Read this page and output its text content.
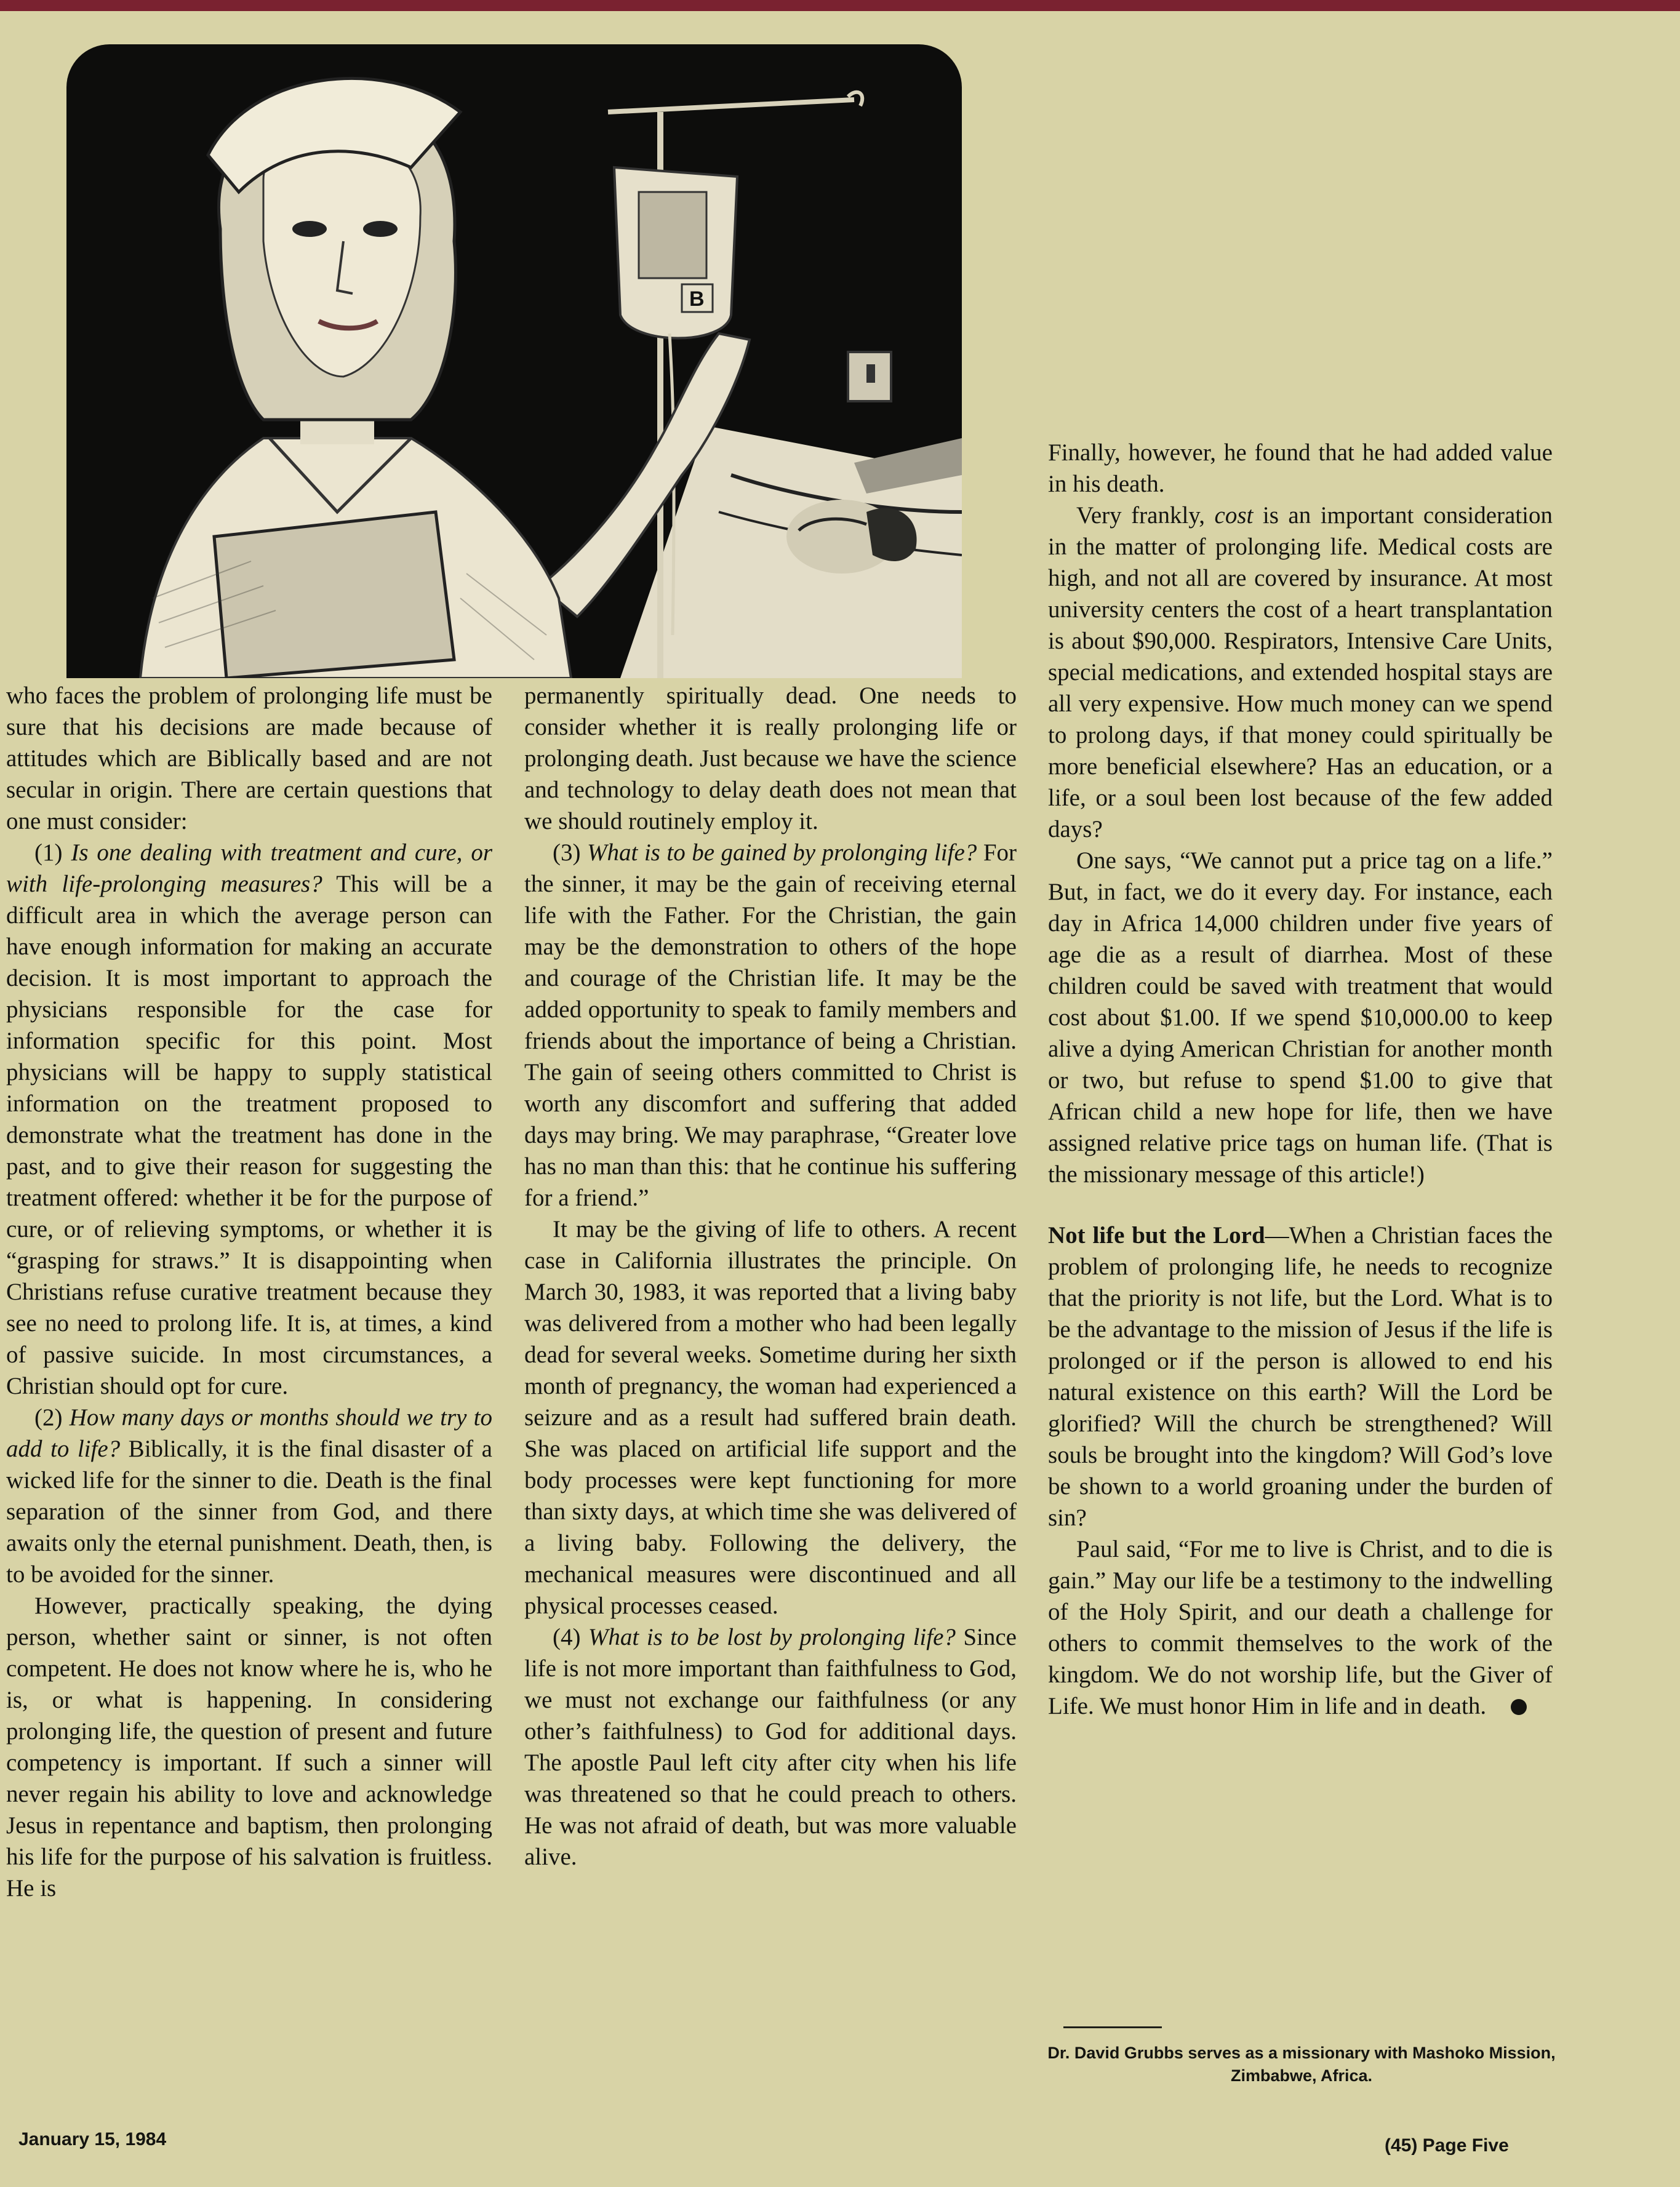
B

who faces the problem of prolonging life must be sure that his decisions are made because of attitudes which are Biblically based and are not secular in origin. There are certain questions that one must consider:

(1) Is one dealing with treatment and cure, or with life-prolonging measures? This will be a difficult area in which the average person can have enough information for making an accurate decision. It is most important to approach the physicians responsible for the case for information specific for this point. Most physicians will be happy to supply statistical information on the treatment proposed to demonstrate what the treatment has done in the past, and to give their reason for suggesting the treatment offered: whether it be for the purpose of cure, or of relieving symptoms, or whether it is “grasping for straws.” It is disappointing when Christians refuse curative treatment because they see no need to prolong life. It is, at times, a kind of passive suicide. In most circumstances, a Christian should opt for cure.

(2) How many days or months should we try to add to life? Biblically, it is the final disaster of a wicked life for the sinner to die. Death is the final separation of the sinner from God, and there awaits only the eternal punishment. Death, then, is to be avoided for the sinner.

However, practically speaking, the dying person, whether saint or sinner, is not often competent. He does not know where he is, who he is, or what is happening. In considering prolonging life, the question of present and future competency is important. If such a sinner will never regain his ability to love and acknowledge Jesus in repentance and baptism, then prolonging his life for the purpose of his salvation is fruitless. He is

permanently spiritually dead. One needs to consider whether it is really prolonging life or prolonging death. Just because we have the science and technology to delay death does not mean that we should routinely employ it.

(3) What is to be gained by prolonging life? For the sinner, it may be the gain of receiving eternal life with the Father. For the Christian, the gain may be the demonstration to others of the hope and courage of the Christian life. It may be the added opportunity to speak to family members and friends about the importance of being a Christian. The gain of seeing others committed to Christ is worth any discomfort and suffering that added days may bring. We may paraphrase, “Greater love has no man than this: that he continue his suffering for a friend.”

It may be the giving of life to others. A recent case in California illustrates the principle. On March 30, 1983, it was reported that a living baby was delivered from a mother who had been legally dead for several weeks. Sometime during her sixth month of pregnancy, the woman had experienced a seizure and as a result had suffered brain death. She was placed on artificial life support and the body processes were kept functioning for more than sixty days, at which time she was delivered of a living baby. Following the delivery, the mechanical measures were discontinued and all physical processes ceased.

(4) What is to be lost by prolonging life? Since life is not more important than faithfulness to God, we must not exchange our faithfulness (or any other’s faithfulness) to God for additional days. The apostle Paul left city after city when his life was threatened so that he could preach to others. He was not afraid of death, but was more valuable alive.

Finally, however, he found that he had added value in his death.

Very frankly, cost is an important consideration in the matter of prolonging life. Medical costs are high, and not all are covered by insurance. At most university centers the cost of a heart transplantation is about $90,000. Respirators, Intensive Care Units, special medications, and extended hospital stays are all very expensive. How much money can we spend to prolong days, if that money could spiritually be more beneficial elsewhere? Has an education, or a life, or a soul been lost because of the few added days?

One says, “We cannot put a price tag on a life.” But, in fact, we do it every day. For instance, each day in Africa 14,000 children under five years of age die as a result of diarrhea. Most of these children could be saved with treatment that would cost about $1.00. If we spend $10,000.00 to keep alive a dying American Christian for another month or two, but refuse to spend $1.00 to give that African child a new hope for life, then we have assigned relative price tags on human life. (That is the missionary message of this article!)

Not life but the Lord—When a Christian faces the problem of prolonging life, he needs to recognize that the priority is not life, but the Lord. What is to be the advantage to the mission of Jesus if the life is prolonged or if the person is allowed to end his natural existence on this earth? Will the Lord be glorified? Will the church be strengthened? Will souls be brought into the kingdom? Will God’s love be shown to a world groaning under the burden of sin?

Paul said, “For me to live is Christ, and to die is gain.” May our life be a testimony to the indwelling of the Holy Spirit, and our death a challenge for others to commit themselves to the work of the kingdom. We do not worship life, but the Giver of Life. We must honor Him in life and in death.

Dr. David Grubbs serves as a missionary with Mashoko Mission, Zimbabwe, Africa.
January 15, 1984	(45) Page Five
